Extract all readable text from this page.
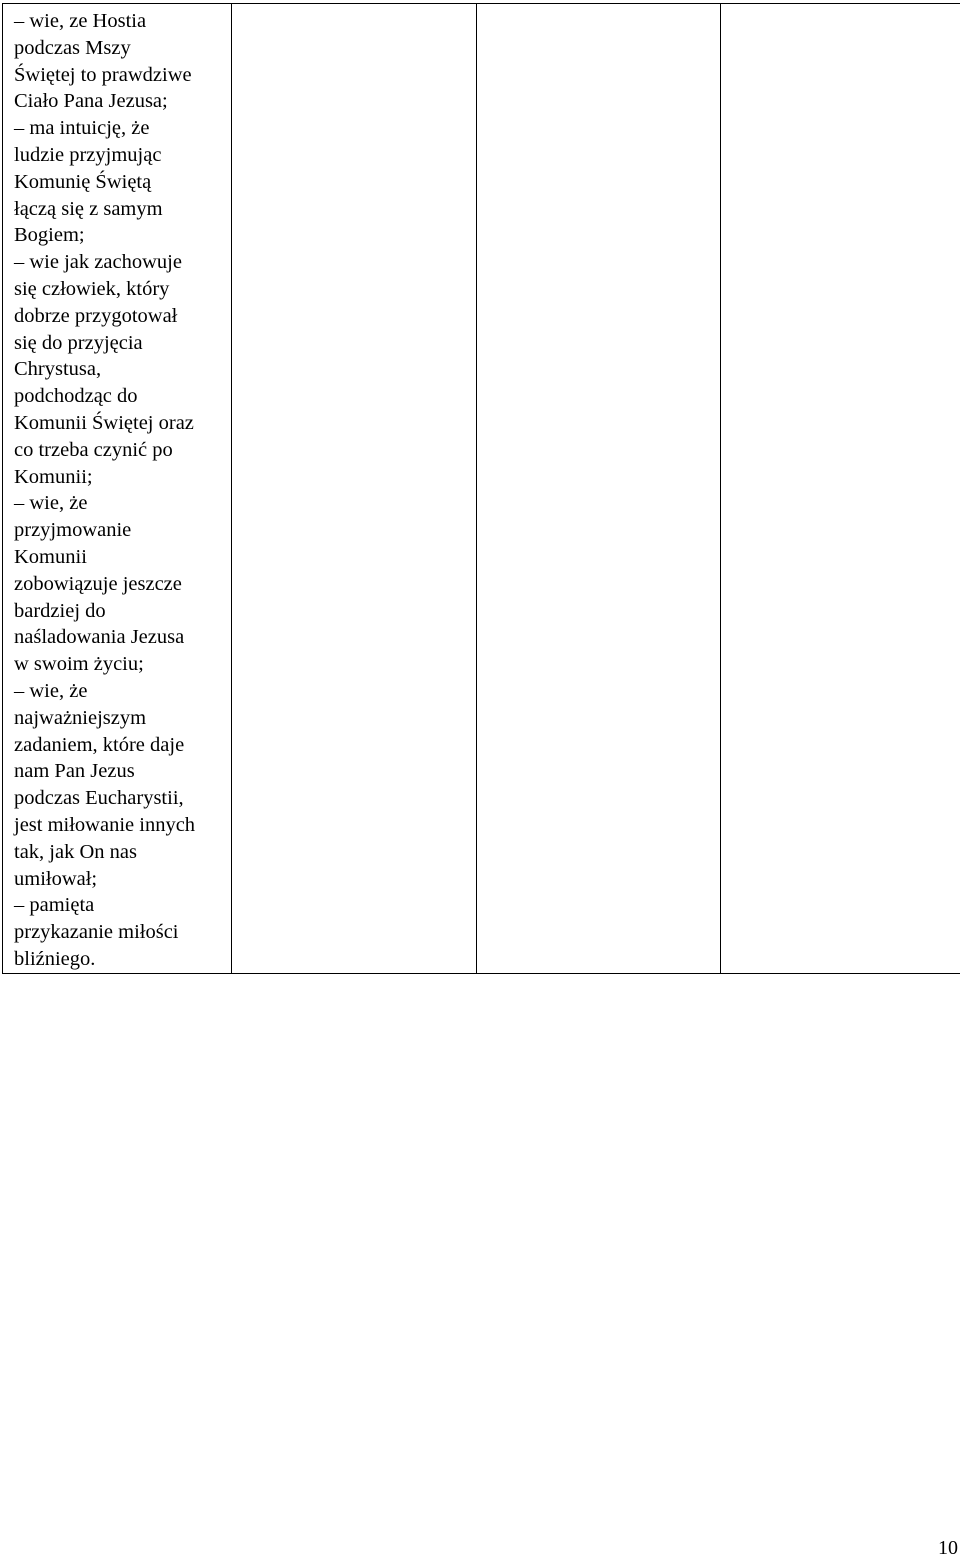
– wie, ze Hostia
podczas Mszy
Świętej to prawdziwe
Ciało Pana Jezusa;
– ma intuicję, że
ludzie przyjmując
Komunię Świętą
łączą się z samym
Bogiem;
– wie jak zachowuje
się człowiek, który
dobrze przygotował
się do przyjęcia
Chrystusa,
podchodząc do
Komunii Świętej oraz
co trzeba czynić po
Komunii;
– wie, że
przyjmowanie
Komunii
zobowiązuje jeszcze
bardziej do
naśladowania Jezusa
w swoim życiu;
– wie, że
najważniejszym
zadaniem, które daje
nam Pan Jezus
podczas Eucharystii,
jest miłowanie innych
tak, jak On nas
umiłował;
– pamięta
przykazanie miłości
bliźniego.

10
